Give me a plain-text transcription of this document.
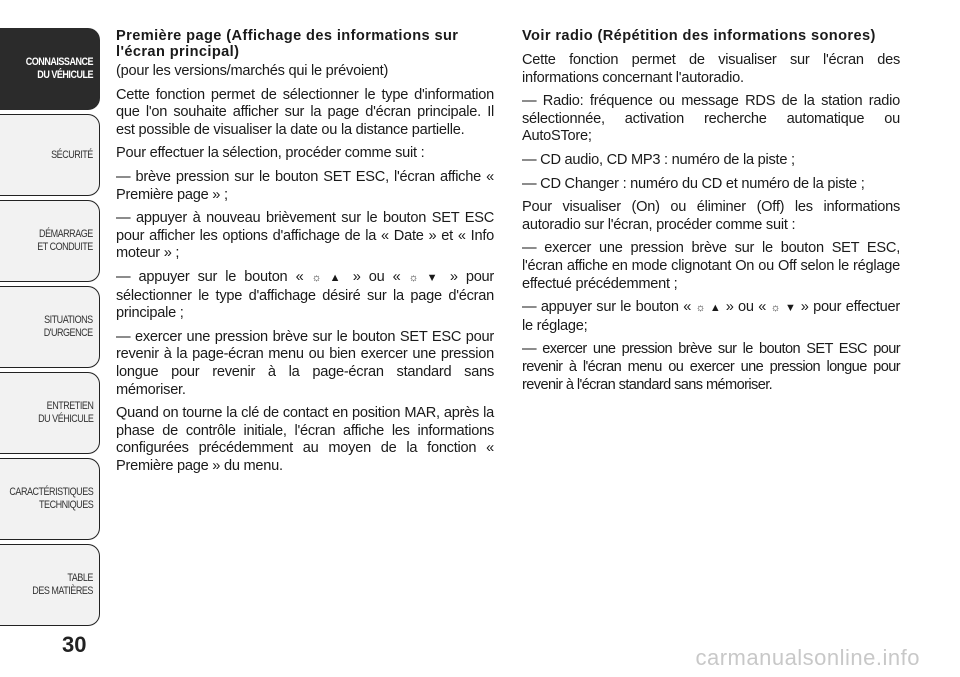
CONNAISSANCE
DU VÉHICULE
SÉCURITÉ
DÉMARRAGE
ET CONDUITE
SITUATIONS
D'URGENCE
ENTRETIEN
DU VÉHICULE
CARACTÉRISTIQUES
TECHNIQUES
TABLE
DES MATIÈRES
30
Première page (Affichage des informations sur l'écran principal)
(pour les versions/marchés qui le prévoient)
Cette fonction permet de sélectionner le type d'information que l'on souhaite afficher sur la page d'écran principale. Il est possible de visualiser la date ou la distance partielle.
Pour effectuer la sélection, procéder comme suit :
— brève pression sur le bouton SET ESC, l'écran affiche « Première page » ;
— appuyer à nouveau brièvement sur le bouton SET ESC pour afficher les options d'affichage de la « Date » et « Info moteur » ;
— appuyer sur le bouton « ☼ ▲ » ou « ☼ ▼ » pour sélectionner le type d'affichage désiré sur la page d'écran principale ;
— exercer une pression brève sur le bouton SET ESC pour revenir à la page-écran menu ou bien exercer une pression longue pour revenir à la page-écran standard sans mémoriser.
Quand on tourne la clé de contact en position MAR, après la phase de contrôle initiale, l'écran affiche les informations configurées précédemment au moyen de la fonction « Première page » du menu.
Voir radio (Répétition des informations sonores)
Cette fonction permet de visualiser sur l'écran des informations concernant l'autoradio.
— Radio: fréquence ou message RDS de la station radio sélectionnée, activation recherche automatique ou AutoSTore;
— CD audio, CD MP3 : numéro de la piste ;
— CD Changer : numéro du CD et numéro de la piste ;
Pour visualiser (On) ou éliminer (Off) les informations autoradio sur l'écran, procéder comme suit :
— exercer une pression brève sur le bouton SET ESC, l'écran affiche en mode clignotant On ou Off selon le réglage effectué précédemment ;
— appuyer sur le bouton « ☼ ▲ » ou « ☼ ▼ » pour effectuer le réglage;
— exercer une pression brève sur le bouton SET ESC pour revenir à l'écran menu ou exercer une pression longue pour revenir à l'écran standard sans mémoriser.
carmanualsonline.info
